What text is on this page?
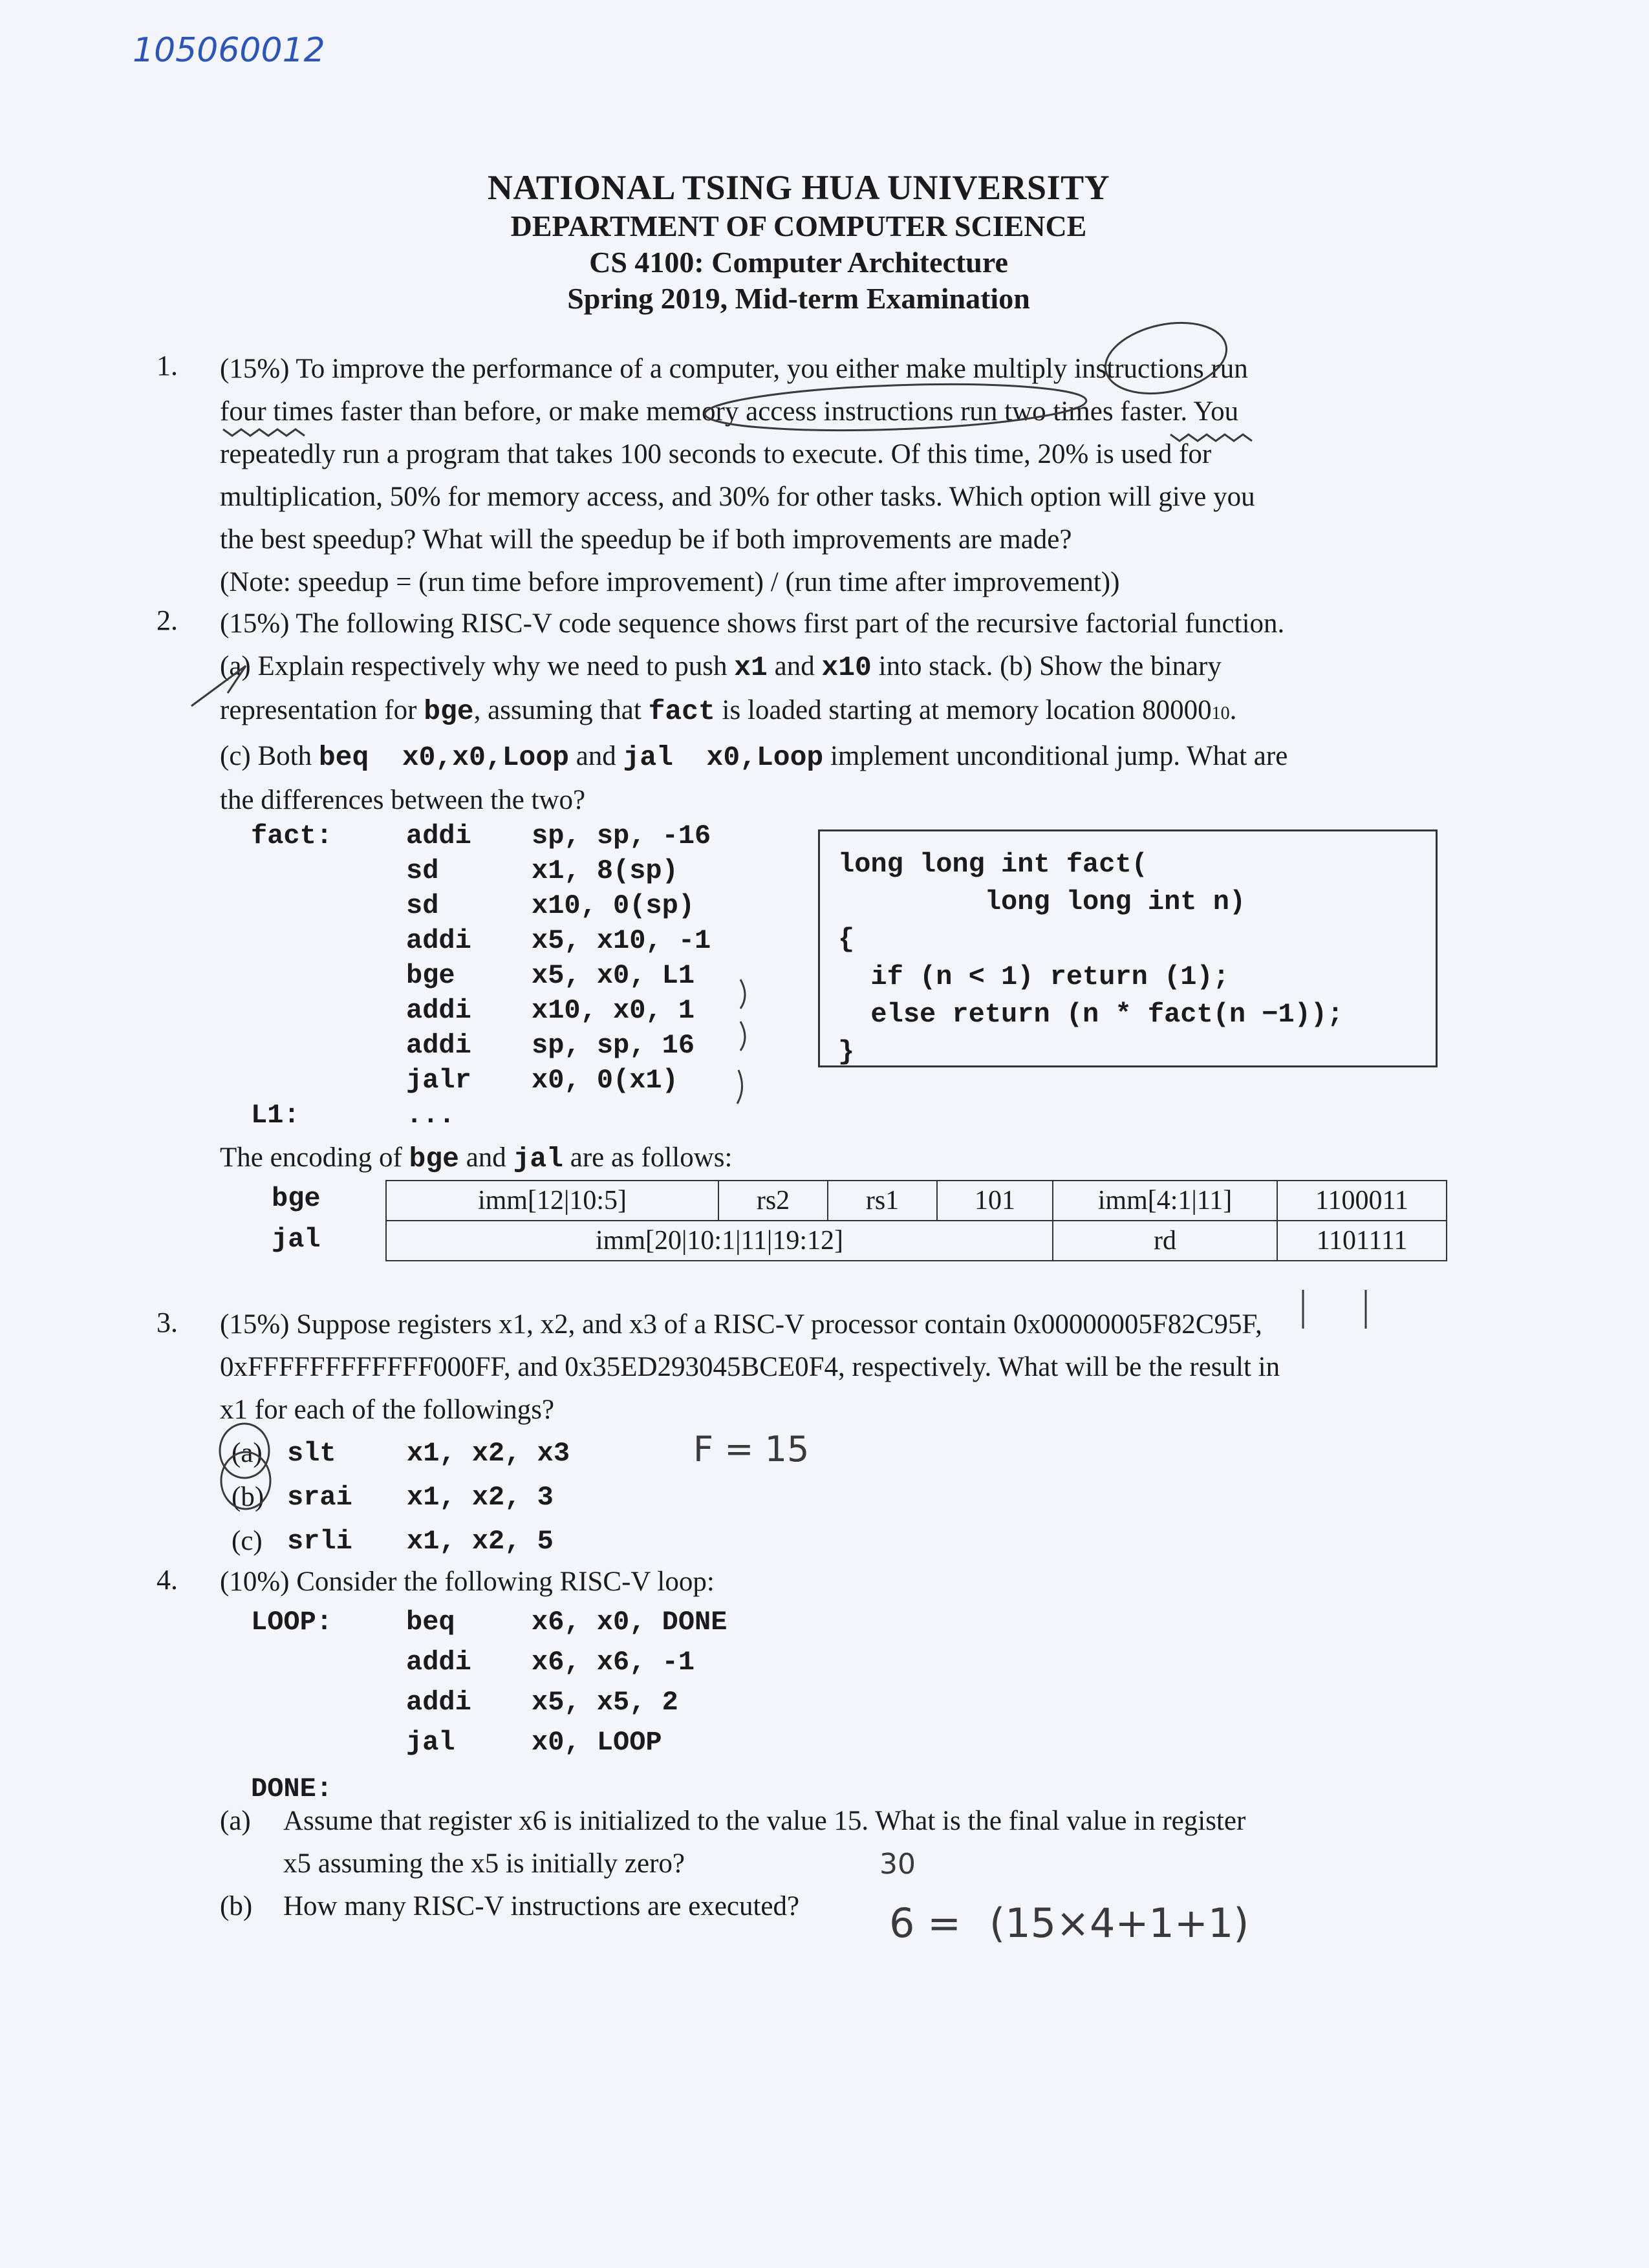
105060012
NATIONAL TSING HUA UNIVERSITY
DEPARTMENT OF COMPUTER SCIENCE
CS 4100: Computer Architecture
Spring 2019, Mid-term Examination
1. (15%) To improve the performance of a computer, you either make multiply instructions run
four times faster than before, or make memory access instructions run two times faster. You
repeatedly run a program that takes 100 seconds to execute. Of this time, 20% is used for
multiplication, 50% for memory access, and 30% for other tasks. Which option will give you
the best speedup? What will the speedup be if both improvements are made?
(Note: speedup = (run time before improvement) / (run time after improvement))
2. (15%) The following RISC-V code sequence shows first part of the recursive factorial function.
(a) Explain respectively why we need to push x1 and x10 into stack. (b) Show the binary
representation for bge, assuming that fact is loaded starting at memory location 8000010.
(c) Both beq  x0,x0,Loop and jal  x0,Loop implement unconditional jump. What are
the differences between the two?
fact:	addi	sp, sp, -16
sd	x1, 8(sp)
sd	x10, 0(sp)
addi	x5, x10, -1
bge	x5, x0, L1
addi	x10, x0, 1
addi	sp, sp, 16
jalr	x0, 0(x1)
L1:	...
long long int fact(
long long int n)
{
if (n < 1) return (1);
else return (n * fact(n −1));
}
The encoding of bge and jal are as follows:
bge
jal
imm[12|10:5]	rs2	rs1	101	imm[4:1|11]	1100011
imm[20|10:1|11|19:12]				rd	1101111
3. (15%) Suppose registers x1, x2, and x3 of a RISC-V processor contain 0x00000005F82C95F,
0xFFFFFFFFFFFF000FF, and 0x35ED293045BCE0F4, respectively. What will be the result in
x1 for each of the followings?
(a) slt	x1, x2, x3
(b) srai	x1, x2, 3
(c) srli	x1, x2, 5
F = 15
4. (10%) Consider the following RISC-V loop:
LOOP:	beq	x6, x0, DONE
addi	x6, x6, -1
addi	x5, x5, 2
jal	x0, LOOP
DONE:
(a) Assume that register x6 is initialized to the value 15. What is the final value in register
x5 assuming the x5 is initially zero?
(b) How many RISC-V instructions are executed?
30
6 = (15×4+1+1)
